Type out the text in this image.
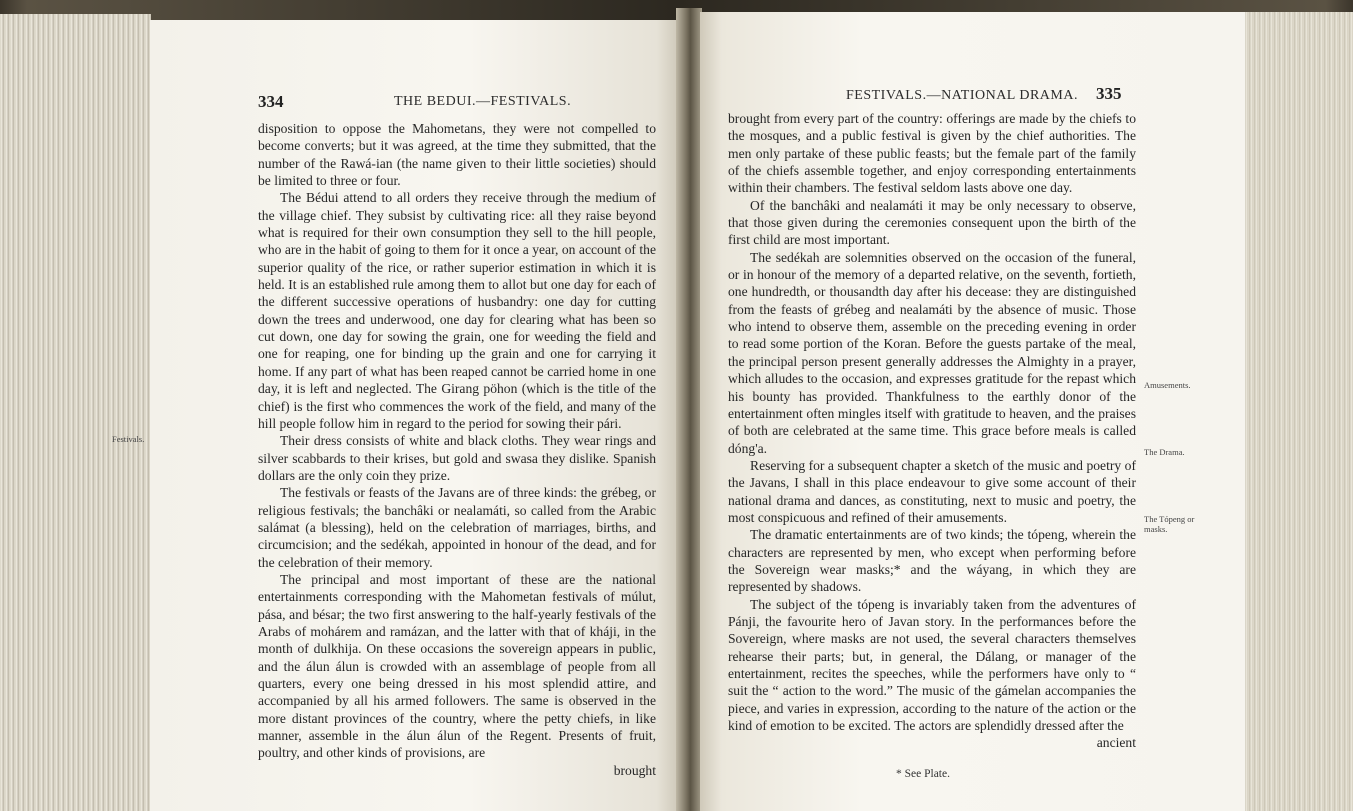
334	THE BEDUI.—FESTIVALS.

disposition to oppose the Mahometans, they were not compelled to become converts; but it was agreed, at the time they submitted, that the number of the Rawá-ian (the name given to their little societies) should be limited to three or four.

The Bédui attend to all orders they receive through the medium of the village chief. They subsist by cultivating rice: all they raise beyond what is required for their own consumption they sell to the hill people, who are in the habit of going to them for it once a year, on account of the superior quality of the rice, or rather superior estimation in which it is held. It is an established rule among them to allot but one day for each of the different successive operations of husbandry: one day for cutting down the trees and underwood, one day for clearing what has been so cut down, one day for sowing the grain, one for weeding the field and one for reaping, one for binding up the grain and one for carrying it home. If any part of what has been reaped cannot be carried home in one day, it is left and neglected. The Girang pöhon (which is the title of the chief) is the first who commences the work of the field, and many of the hill people follow him in regard to the period for sowing their pári.

Their dress consists of white and black cloths. They wear rings and silver scabbards to their krises, but gold and swasa they dislike. Spanish dollars are the only coin they prize.

The festivals or feasts of the Javans are of three kinds: the grébeg, or religious festivals; the banchâki or nealamáti, so called from the Arabic salámat (a blessing), held on the celebration of marriages, births, and circumcision; and the sedékah, appointed in honour of the dead, and for the celebration of their memory.

The principal and most important of these are the national entertainments corresponding with the Mahometan festivals of múlut, pása, and bésar; the two first answering to the half-yearly festivals of the Arabs of mohárem and ramázan, and the latter with that of kháji, in the month of dulkhija. On these occasions the sovereign appears in public, and the álun álun is crowded with an assemblage of people from all quarters, every one being dressed in his most splendid attire, and accompanied by all his armed followers. The same is observed in the more distant provinces of the country, where the petty chiefs, in like manner, assemble in the álun álun of the Regent. Presents of fruit, poultry, and other kinds of provisions, are

brought

Festivals.
FESTIVALS.—NATIONAL DRAMA. 335

brought from every part of the country: offerings are made by the chiefs to the mosques, and a public festival is given by the chief authorities. The men only partake of these public feasts; but the female part of the family of the chiefs assemble together, and enjoy corresponding entertainments within their chambers. The festival seldom lasts above one day.

Of the banchâki and nealamáti it may be only necessary to observe, that those given during the ceremonies consequent upon the birth of the first child are most important.

The sedékah are solemnities observed on the occasion of the funeral, or in honour of the memory of a departed relative, on the seventh, fortieth, one hundredth, or thousandth day after his decease: they are distinguished from the feasts of grébeg and nealamáti by the absence of music. Those who intend to observe them, assemble on the preceding evening in order to read some portion of the Koran. Before the guests partake of the meal, the principal person present generally addresses the Almighty in a prayer, which alludes to the occasion, and expresses gratitude for the repast which his bounty has provided. Thankfulness to the earthly donor of the entertainment often mingles itself with gratitude to heaven, and the praises of both are celebrated at the same time. This grace before meals is called dóng'a.

Reserving for a subsequent chapter a sketch of the music and poetry of the Javans, I shall in this place endeavour to give some account of their national drama and dances, as constituting, next to music and poetry, the most conspicuous and refined of their amusements.

The dramatic entertainments are of two kinds; the tópeng, wherein the characters are represented by men, who except when performing before the Sovereign wear masks;* and the wáyang, in which they are represented by shadows.

The subject of the tópeng is invariably taken from the adventures of Pánji, the favourite hero of Javan story. In the performances before the Sovereign, where masks are not used, the several characters themselves rehearse their parts; but, in general, the Dálang, or manager of the entertainment, recites the speeches, while the performers have only to “ suit the “ action to the word.” The music of the gámelan accompanies the piece, and varies in expression, according to the nature of the action or the kind of emotion to be excited. The actors are splendidly dressed after the

ancient

Amusements.
The Drama.
The Tópeng or masks.
* See Plate.
